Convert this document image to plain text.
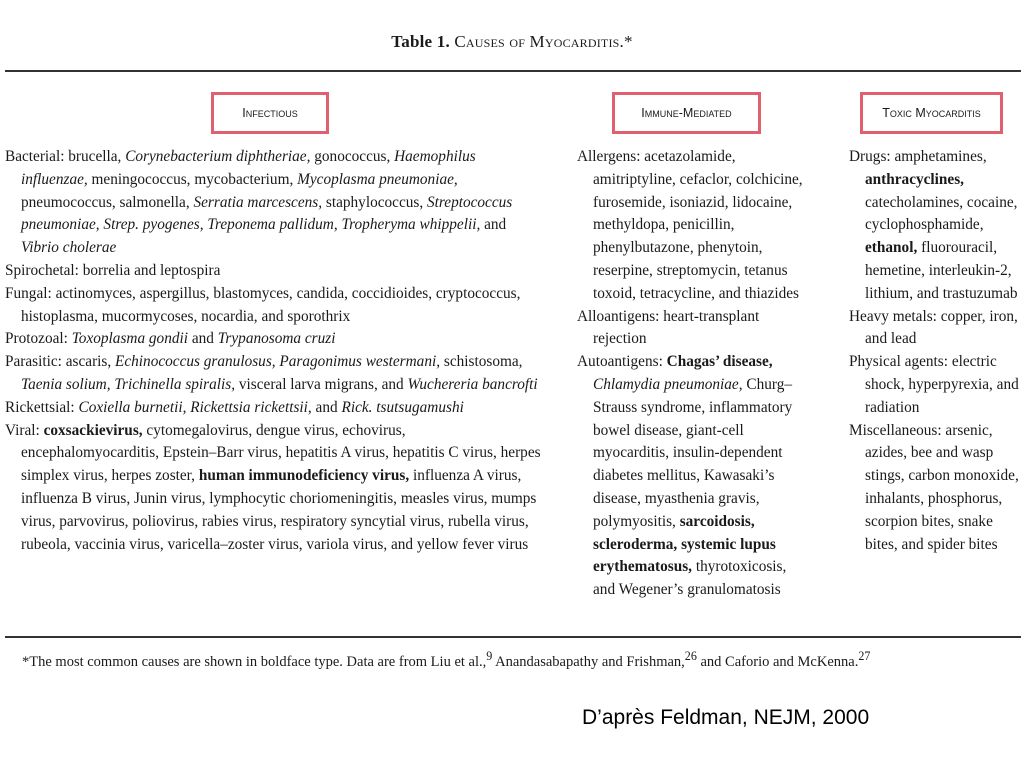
Table 1. Causes of Myocarditis.*
Infectious	Immune-Mediated	Toxic Myocarditis

Bacterial: brucella, Corynebacterium diphtheriae, gonococcus, Haemophilus influenzae, meningococcus, mycobacterium, Mycoplasma pneumoniae, pneumococcus, salmonella, Serratia marcescens, staphylococcus, Streptococcus pneumoniae, Strep. pyogenes, Treponema pallidum, Tropheryma whippelii, and Vibrio cholerae

Spirochetal: borrelia and leptospira

Fungal: actinomyces, aspergillus, blastomyces, candida, coccidioides, cryptococcus, histoplasma, mucormycoses, nocardia, and sporothrix

Protozoal: Toxoplasma gondii and Trypanosoma cruzi

Parasitic: ascaris, Echinococcus granulosus, Paragonimus westermani, schistosoma, Taenia solium, Trichinella spiralis, visceral larva migrans, and Wuchereria bancrofti

Rickettsial: Coxiella burnetii, Rickettsia rickettsii, and Rick. tsutsugamushi

Viral: coxsackievirus, cytomegalovirus, dengue virus, echovirus, encephalomyocarditis, Epstein–Barr virus, hepatitis A virus, hepatitis C virus, herpes simplex virus, herpes zoster, human immunodeficiency virus, influenza A virus, influenza B virus, Junin virus, lymphocytic choriomeningitis, measles virus, mumps virus, parvovirus, poliovirus, rabies virus, respiratory syncytial virus, rubella virus, rubeola, vaccinia virus, varicella–zoster virus, variola virus, and yellow fever virus

Allergens: acetazolamide, amitriptyline, cefaclor, colchicine, furosemide, isoniazid, lidocaine, methyldopa, penicillin, phenylbutazone, phenytoin, reserpine, streptomycin, tetanus toxoid, tetracycline, and thiazides

Alloantigens: heart-transplant rejection

Autoantigens: Chagas’ disease, Chlamydia pneumoniae, Churg–Strauss syndrome, inflammatory bowel disease, giant-cell myocarditis, insulin-dependent diabetes mellitus, Kawasaki’s disease, myasthenia gravis, polymyositis, sarcoidosis, scleroderma, systemic lupus erythematosus, thyrotoxicosis, and Wegener’s granulomatosis

Drugs: amphetamines, anthracyclines, catecholamines, cocaine, cyclophosphamide, ethanol, fluorouracil, hemetine, interleukin-2, lithium, and trastuzumab

Heavy metals: copper, iron, and lead

Physical agents: electric shock, hyperpyrexia, and radiation

Miscellaneous: arsenic, azides, bee and wasp stings, carbon monoxide, inhalants, phosphorus, scorpion bites, snake bites, and spider bites

*The most common causes are shown in boldface type. Data are from Liu et al.,$^9$ Anandasabapathy and Frishman,$^{26}$ and Caforio and McKenna.$^{27}$
D’après Feldman, NEJM, 2000
